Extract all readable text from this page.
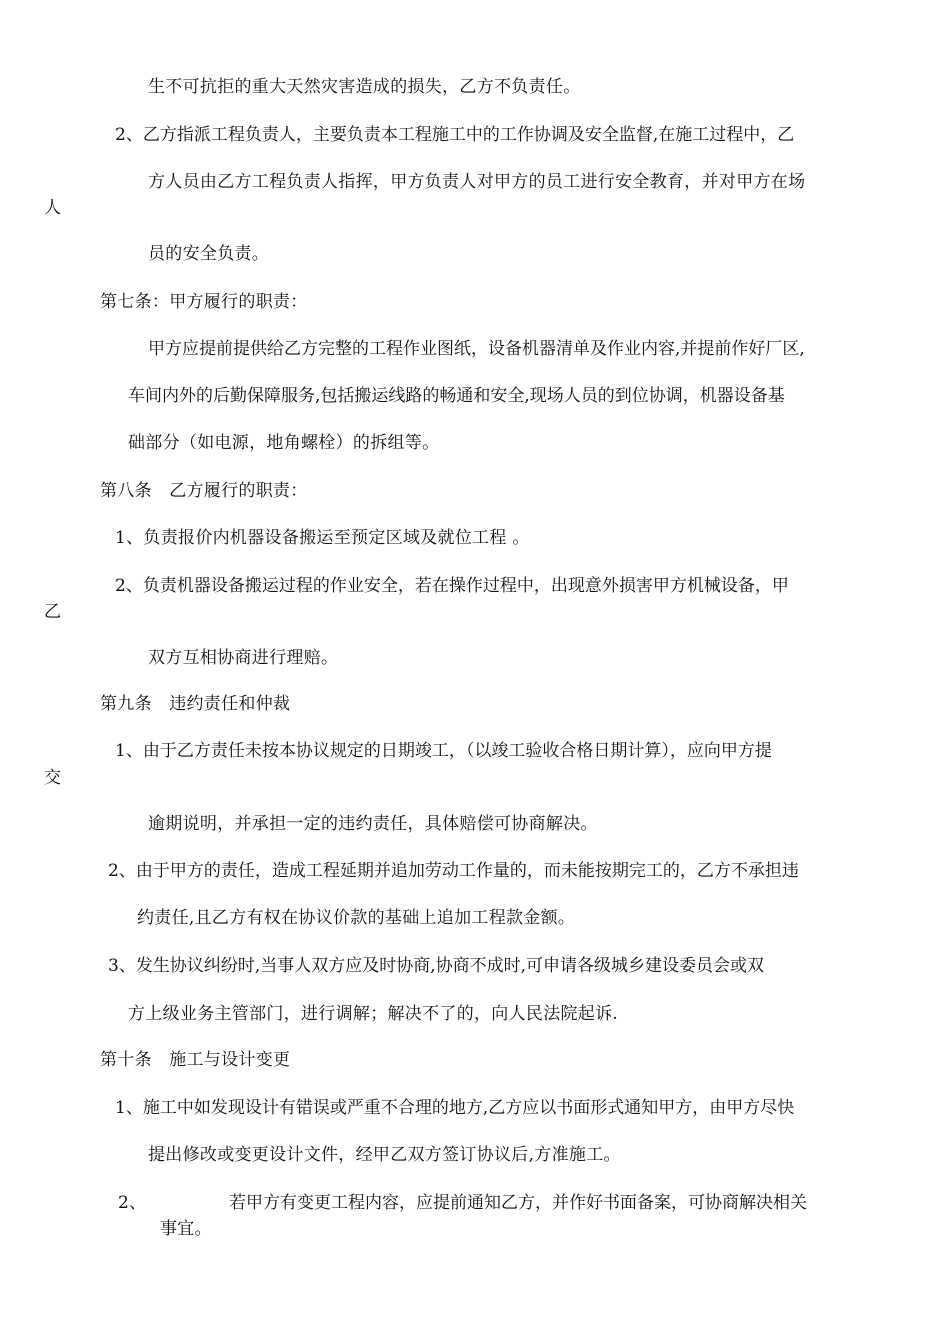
生不可抗拒的重大天然灾害造成的损失，乙方不负责任。
2、乙方指派工程负责人，主要负责本工程施工中的工作协调及安全监督,在施工过程中，乙
方人员由乙方工程负责人指挥，甲方负责人对甲方的员工进行安全教育，并对甲方在场
人
员的安全负责。
第七条：甲方履行的职责：
甲方应提前提供给乙方完整的工程作业图纸，设备机器清单及作业内容,并提前作好厂区,
车间内外的后勤保障服务,包括搬运线路的畅通和安全,现场人员的到位协调，机器设备基
础部分（如电源，地角螺栓）的拆组等。
第八条　乙方履行的职责：
1、负责报价内机器设备搬运至预定区域及就位工程 。
2、负责机器设备搬运过程的作业安全，若在操作过程中，出现意外损害甲方机械设备，甲
乙
双方互相协商进行理赔。
第九条　违约责任和仲裁
1、由于乙方责任未按本协议规定的日期竣工，（以竣工验收合格日期计算），应向甲方提
交
逾期说明，并承担一定的违约责任，具体赔偿可协商解决。
2、由于甲方的责任，造成工程延期并追加劳动工作量的，而未能按期完工的，乙方不承担违
约责任,且乙方有权在协议价款的基础上追加工程款金额。
3、发生协议纠纷时,当事人双方应及时协商,协商不成时,可申请各级城乡建设委员会或双
方上级业务主管部门，进行调解；解决不了的，向人民法院起诉.
第十条　施工与设计变更
1、施工中如发现设计有错误或严重不合理的地方,乙方应以书面形式通知甲方，由甲方尽快
提出修改或变更设计文件，经甲乙双方签订协议后,方准施工。
2、	若甲方有变更工程内容，应提前通知乙方，并作好书面备案，可协商解决相关
事宜。
